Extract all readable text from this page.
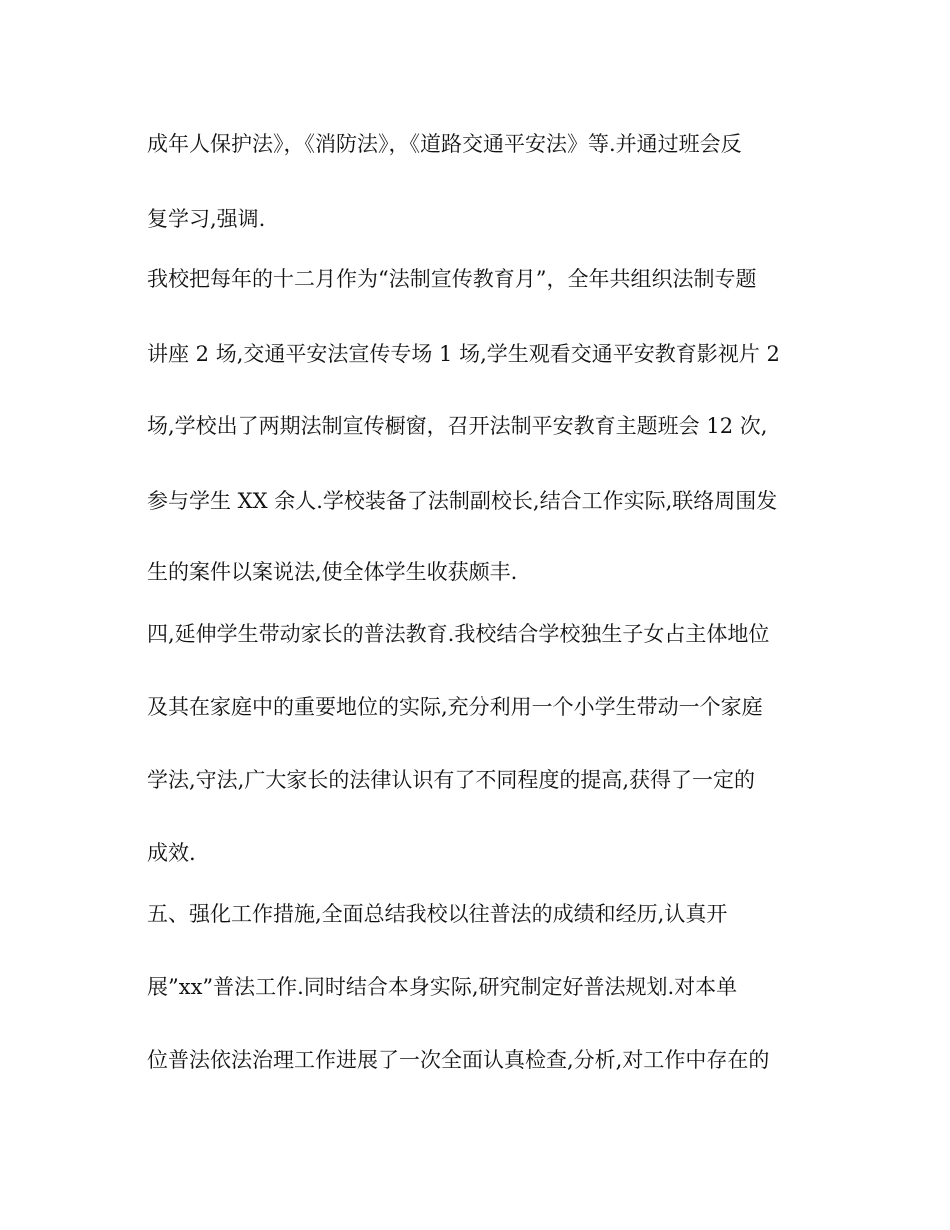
成年人保护法》，《消防法》，《道路交通平安法》等.并通过班会反
复学习,强调.
我校把每年的十二月作为“法制宣传教育月”，全年共组织法制专题
讲座 2 场,交通平安法宣传专场 1 场,学生观看交通平安教育影视片 2
场,学校出了两期法制宣传橱窗，召开法制平安教育主题班会 12 次,
参与学生 XX 余人.学校装备了法制副校长,结合工作实际,联络周围发
生的案件以案说法,使全体学生收获颇丰.
四,延伸学生带动家长的普法教育.我校结合学校独生子女占主体地位
及其在家庭中的重要地位的实际,充分利用一个小学生带动一个家庭
学法,守法,广大家长的法律认识有了不同程度的提高,获得了一定的
成效.
五、强化工作措施,全面总结我校以往普法的成绩和经历,认真开
展”xx”普法工作.同时结合本身实际,研究制定好普法规划.对本单
位普法依法治理工作进展了一次全面认真检查,分析,对工作中存在的
